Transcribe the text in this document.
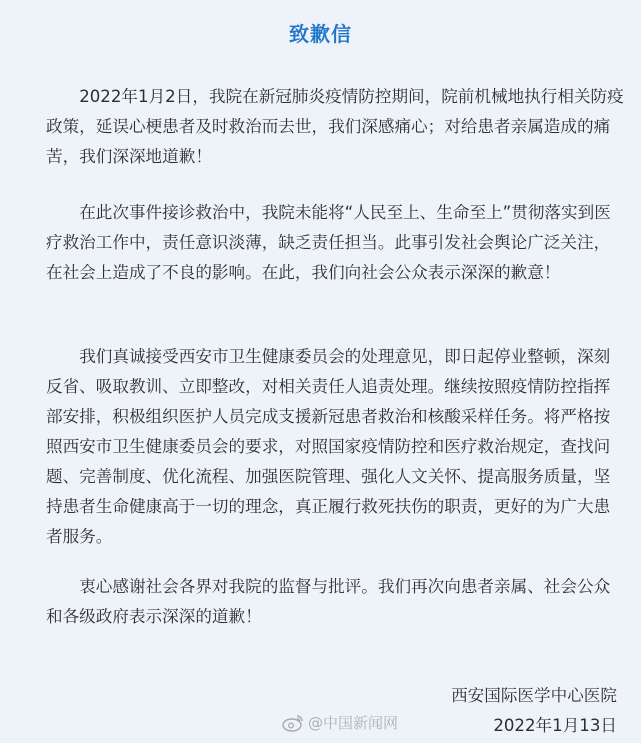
致歉信

2022年1月2日，我院在新冠肺炎疫情防控期间，院前机械地执行相关防疫政策，延误心梗患者及时救治而去世，我们深感痛心；对给患者亲属造成的痛苦，我们深深地道歉！

在此次事件接诊救治中，我院未能将“人民至上、生命至上”贯彻落实到医疗救治工作中，责任意识淡薄，缺乏责任担当。此事引发社会舆论广泛关注，在社会上造成了不良的影响。在此，我们向社会公众表示深深的歉意！

我们真诚接受西安市卫生健康委员会的处理意见，即日起停业整顿，深刻反省、吸取教训、立即整改，对相关责任人追责处理。继续按照疫情防控指挥部安排，积极组织医护人员完成支援新冠患者救治和核酸采样任务。将严格按照西安市卫生健康委员会的要求，对照国家疫情防控和医疗救治规定，查找问题、完善制度、优化流程、加强医院管理、强化人文关怀、提高服务质量，坚持患者生命健康高于一切的理念，真正履行救死扶伤的职责，更好的为广大患者服务。

衷心感谢社会各界对我院的监督与批评。我们再次向患者亲属、社会公众和各级政府表示深深的道歉！

西安国际医学中心医院
2022年1月13日
@中国新闻网
